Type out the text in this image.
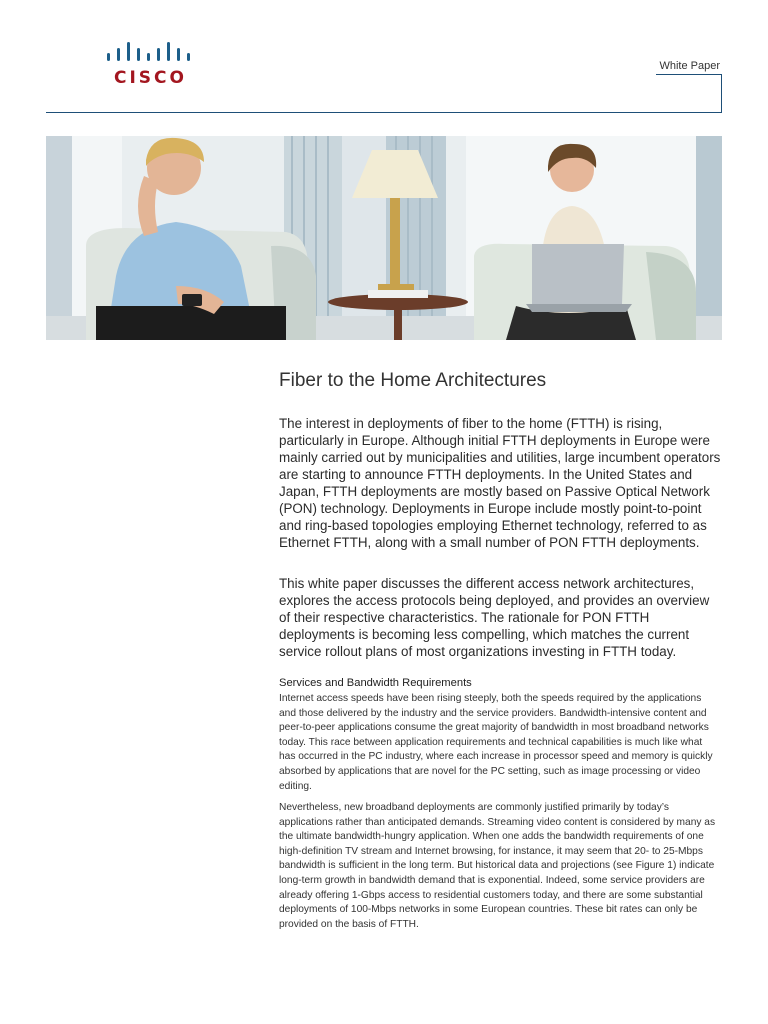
CISCO
White Paper
Fiber to the Home Architectures

The interest in deployments of fiber to the home (FTTH) is rising, particularly in Europe. Although initial FTTH deployments in Europe were mainly carried out by municipalities and utilities, large incumbent operators are starting to announce FTTH deployments. In the United States and Japan, FTTH deployments are mostly based on Passive Optical Network (PON) technology. Deployments in Europe include mostly point-to-point and ring-based topologies employing Ethernet technology, referred to as Ethernet FTTH, along with a small number of PON FTTH deployments.

This white paper discusses the different access network architectures, explores the access protocols being deployed, and provides an overview of their respective characteristics. The rationale for PON FTTH deployments is becoming less compelling, which matches the current service rollout plans of most organizations investing in FTTH today.

Services and Bandwidth Requirements

Internet access speeds have been rising steeply, both the speeds required by the applications and those delivered by the industry and the service providers. Bandwidth-intensive content and peer-to-peer applications consume the great majority of bandwidth in most broadband networks today. This race between application requirements and technical capabilities is much like what has occurred in the PC industry, where each increase in processor speed and memory is quickly absorbed by applications that are novel for the PC setting, such as image processing or video editing.

Nevertheless, new broadband deployments are commonly justified primarily by today’s applications rather than anticipated demands. Streaming video content is considered by many as the ultimate bandwidth-hungry application. When one adds the bandwidth requirements of one high-definition TV stream and Internet browsing, for instance, it may seem that 20- to 25-Mbps bandwidth is sufficient in the long term. But historical data and projections (see Figure 1) indicate long-term growth in bandwidth demand that is exponential. Indeed, some service providers are already offering 1-Gbps access to residential customers today, and there are some substantial deployments of 100-Mbps networks in some European countries. These bit rates can only be provided on the basis of FTTH.
